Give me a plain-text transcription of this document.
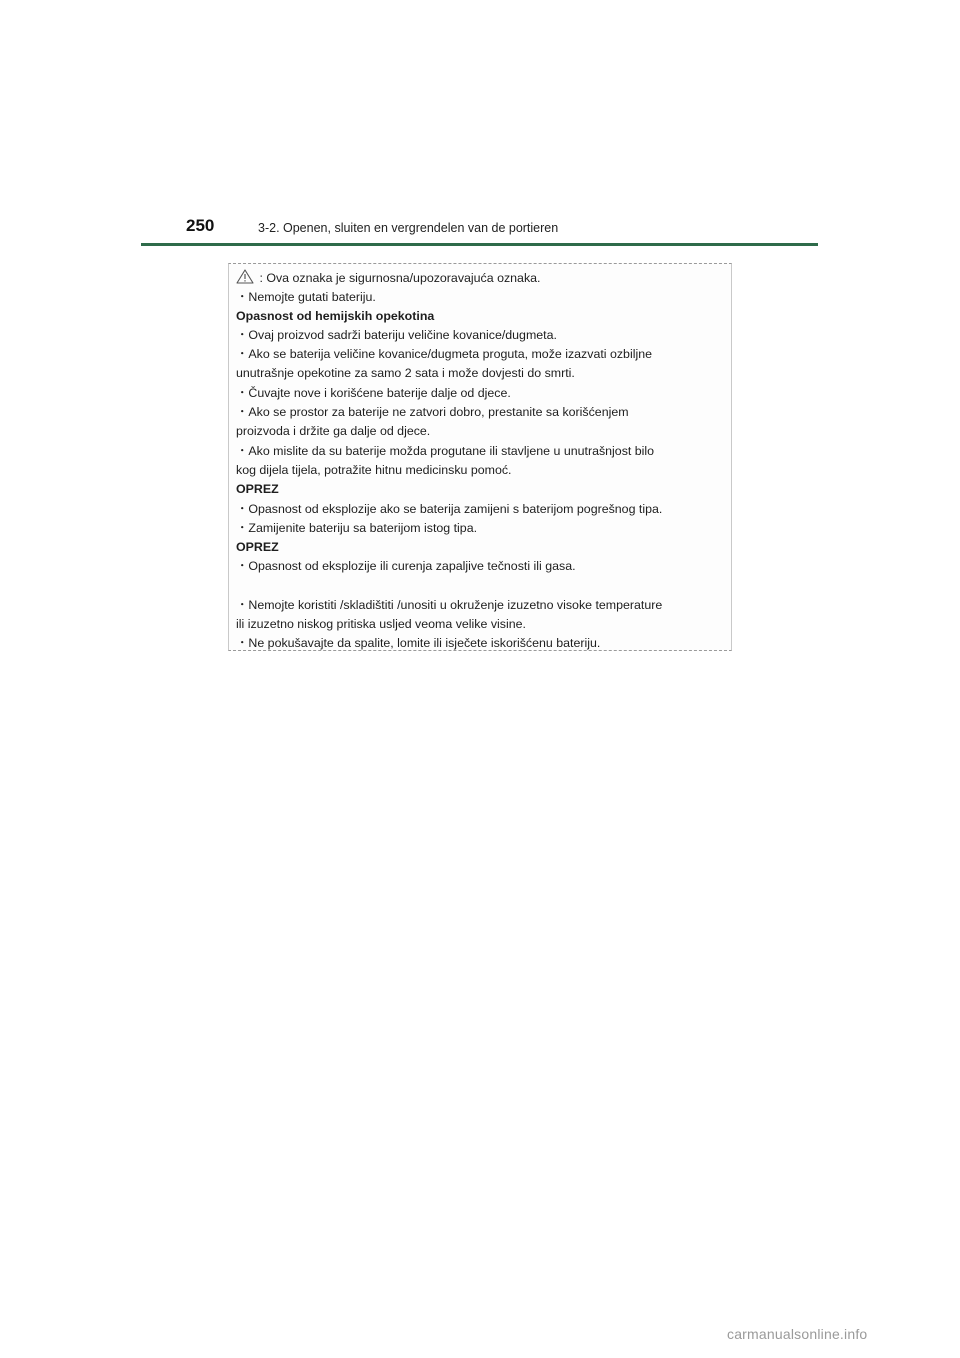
250	3-2. Openen, sluiten en vergrendelen van de portieren

: Ova oznaka je sigurnosna/upozoravajuća oznaka.

・Nemojte gutati bateriju.

Opasnost od hemijskih opekotina

・Ovaj proizvod sadrži bateriju veličine kovanice/dugmeta.

・Ako se baterija veličine kovanice/dugmeta proguta, može izazvati ozbiljne

unutrašnje opekotine za samo 2 sata i može dovjesti do smrti.

・Čuvajte nove i korišćene baterije dalje od djece.

・Ako se prostor za baterije ne zatvori dobro, prestanite sa korišćenjem

proizvoda i držite ga dalje od djece.

・Ako mislite da su baterije možda progutane ili stavljene u unutrašnjost bilo

kog dijela tijela, potražite hitnu medicinsku pomoć.

OPREZ

・Opasnost od eksplozije ako se baterija zamijeni s baterijom pogrešnog tipa.

・Zamijenite bateriju sa baterijom istog tipa.

OPREZ

・Opasnost od eksplozije ili curenja zapaljive tečnosti ili gasa.

・Nemojte koristiti /skladištiti /unositi u okruženje izuzetno visoke temperature

ili izuzetno niskog pritiska usljed veoma velike visine.

・Ne pokušavajte da spalite, lomite ili isječete iskorišćenu bateriju.

carmanualsonline.info
